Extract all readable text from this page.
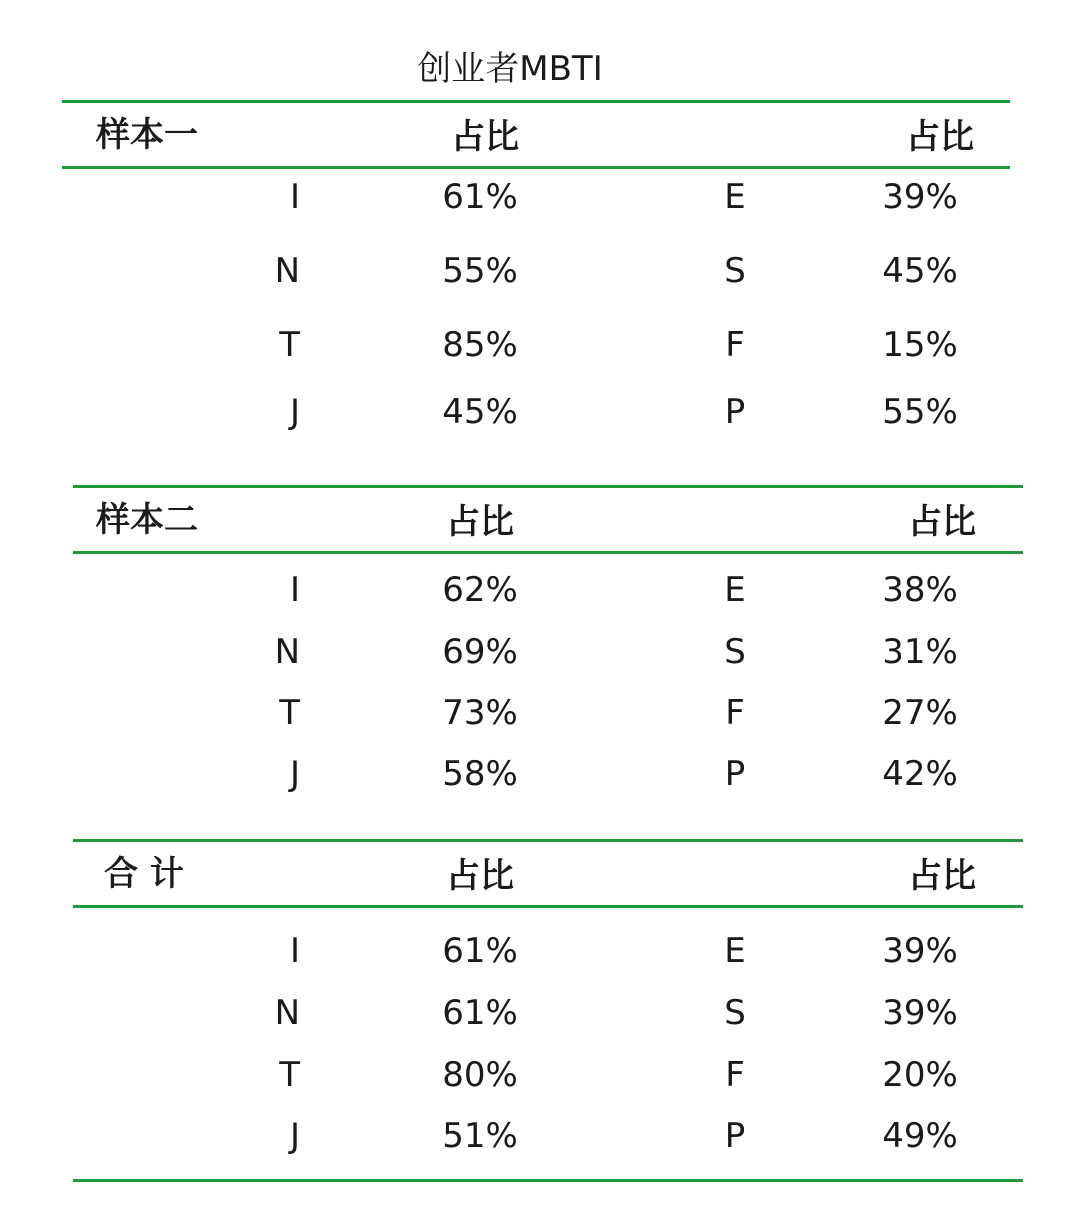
创业者MBTI
样本一	占比	占比
I	61%	E	39%
N	55%	S	45%
T	85%	F	15%
J	45%	P	55%
样本二	占比	占比
I	62%	E	38%
N	69%	S	31%
T	73%	F	27%
J	58%	P	42%
合 计	占比	占比
I	61%	E	39%
N	61%	S	39%
T	80%	F	20%
J	51%	P	49%
